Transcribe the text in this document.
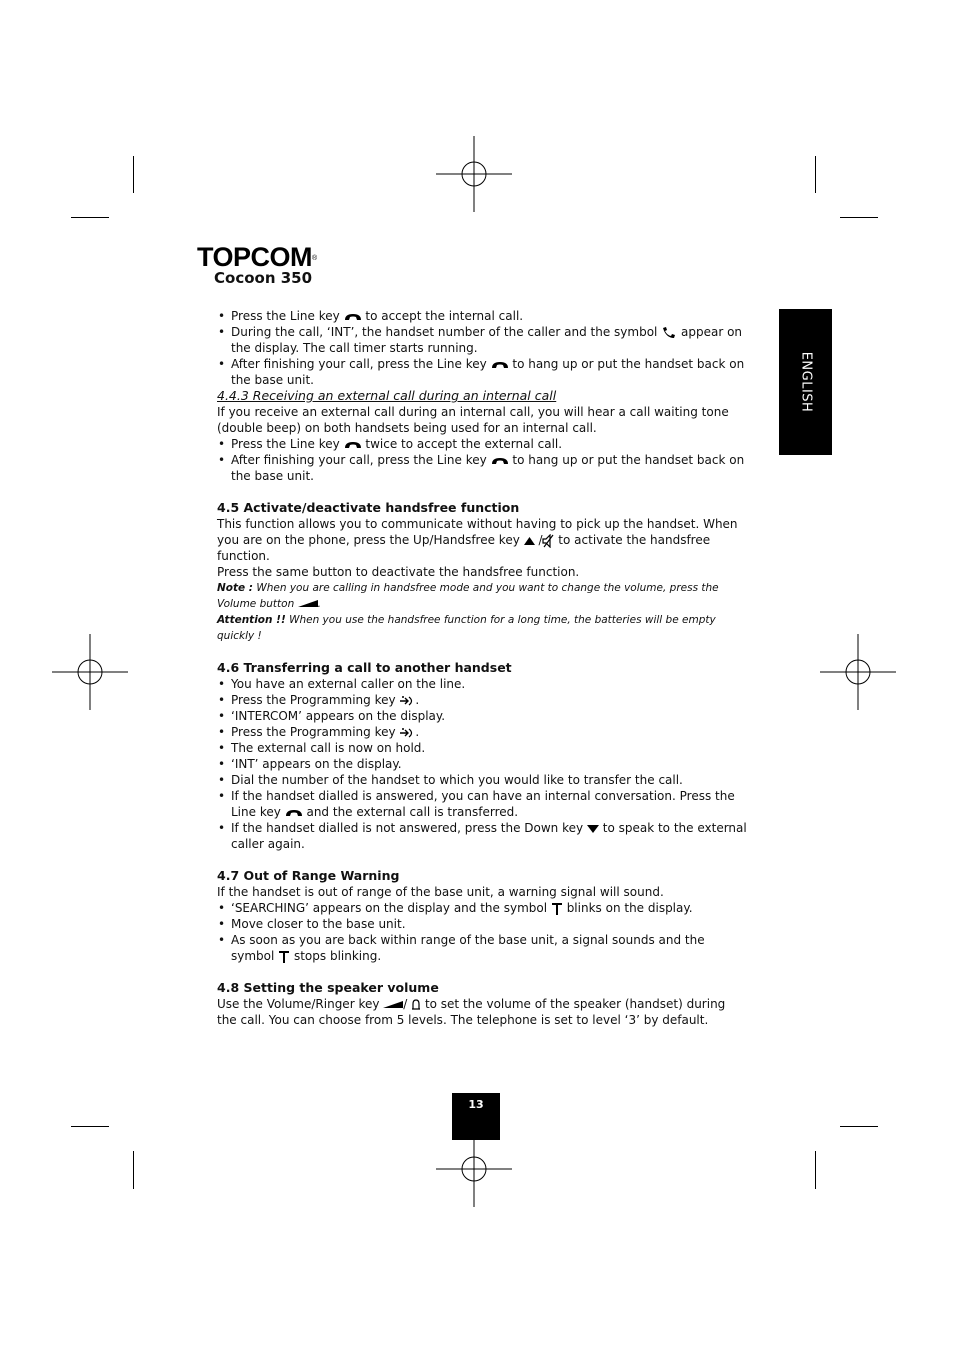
TOPCOM®
Cocoon 350
ENGLISH
• Press the Line key  to accept the internal call.
• During the call, ‘INT’, the handset number of the caller and the symbol  appear on the display. The call timer starts running.
• After finishing your call, press the Line key  to hang up or put the handset back on the base unit.

4.4.3 Receiving an external call during an internal call

If you receive an external call during an internal call, you will hear a call waiting tone (double beep) on both handsets being used for an internal call.

• Press the Line key  twice to accept the external call.
• After finishing your call, press the Line key  to hang up or put the handset back on the base unit.
4.5 Activate/deactivate handsfree function

This function allows you to communicate without having to pick up the handset. When you are on the phone, press the Up/Handsfree key  / to activate the handsfree function.

Press the same button to deactivate the handsfree function.

Note : When you are calling in handsfree mode and you want to change the volume, press the Volume button .

Attention !! When you use the handsfree function for a long time, the batteries will be empty quickly !

4.6 Transferring a call to another handset
• You have an external caller on the line.
• Press the Programming key .
• ‘INTERCOM’ appears on the display.
• Press the Programming key .
• The external call is now on hold.
• ‘INT’ appears on the display.
• Dial the number of the handset to which you would like to transfer the call.
• If the handset dialled is answered, you can have an internal conversation. Press the Line key  and the external call is transferred.
• If the handset dialled is not answered, press the Down key  to speak to the external caller again.
4.7 Out of Range Warning

If the handset is out of range of the base unit, a warning signal will sound.

• ‘SEARCHING’ appears on the display and the symbol  blinks on the display.
• Move closer to the base unit.
• As soon as you are back within range of the base unit, a signal sounds and the symbol  stops blinking.
4.8 Setting the speaker volume

Use the Volume/Ringer key /  to set the volume of the speaker (handset) during the call. You can choose from 5 levels. The telephone is set to level ‘3’ by default.

13
